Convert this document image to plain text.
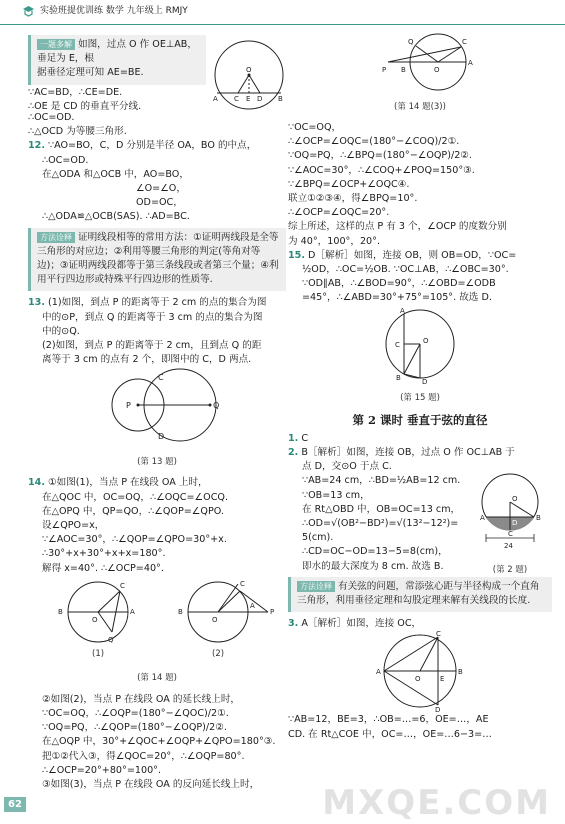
实验班提优训练 数学 九年级上 RMJY
O
A C E D B

一题多解 如图，过点 O 作 OE⊥AB，垂足为 E，根

据垂径定理可知 AE=BE.

∵AC=BD，∴CE=DE.

∴OE 是 CD 的垂直平分线.

∴OC=OD.

∴△OCD 为等腰三角形.

12. ∵AO=BO，C，D 分别是半径 OA，BO 的中点，

∴OC=OD.

在△ODA 和△OCB 中，AO=BO，

∠O=∠O，

OD=OC，

∴△ODA≌△OCB(SAS). ∴AD=BC.

方法诠释 证明线段相等的常用方法：①证明两线段是全等三角形的对应边；②利用等腰三角形的判定(等角对等边)；③证明两线段都等于第三条线段或者第三个量；④利用平行四边形或特殊平行四边形的性质等.

13. (1)如图，到点 P 的距离等于 2 cm 的点的集合为图

中的⊙P，到点 Q 的距离等于 3 cm 的点的集合为图

中的⊙Q.

(2)如图，到点 P 的距离等于 2 cm，且到点 Q 的距

离等于 3 cm 的点有 2 个，即图中的 C，D 两点.

P	Q
C
D

(第 13 题)

14. ①如图(1)，当点 P 在线段 OA 上时，

在△QOC 中，OC=OQ，∴∠OQC=∠OCQ.

在△OPQ 中，QP=QO，∴∠QOP=∠QPO.

设∠QPO=x，

∵∠AOC=30°，∴∠QOP=∠QPO=30°+x.

∴30°+x+30°+x+x=180°.

解得 x=40°. ∴∠OCP=40°.

O
C
A
Q
B
O
C
A
P
B
(1)	(2)

(第 14 题)

②如图(2)，当点 P 在线段 OA 的延长线上时，

∵OC=OQ，∴∠OQP=(180°−∠QOC)/2①.

∵OQ=PQ，∴∠QOP=(180°−∠OQP)/2②.

在△OQP 中，30°+∠QOC+∠OQP+∠QPO=180°③.

把①②代入③，得∠QOC=20°，∴∠OQP=80°.

∴∠OCP=20°+80°=100°.

③如图(3)，当点 P 在线段 OA 的反向延长线上时，

O
C
Q
A
B
P

(第 14 题(3))

∵OC=OQ，

∴∠OCP=∠OQC=(180°−∠COQ)/2①.

∵OQ=PQ，∴∠BPQ=(180°−∠OQP)/2②.

∵∠AOC=30°，∴∠COQ+∠POQ=150°③.

∵∠BPQ=∠OCP+∠OQC④.

联立①②③④，得∠BPQ=10°.

∴∠OCP=∠OQC=20°.

综上所述，这样的点 P 有 3 个，∠OCP 的度数分别

为 40°，100°，20°.

15. D［解析］如图，连接 OB，则 OB=OD，∵OC=

½OD，∴OC=½OB. ∵OC⊥AB，∴∠OBC=30°.

∵OD∥AB，∴∠BOD=90°，∴∠OBD=∠ODB

=45°，∴∠ABD=30°+75°=105°. 故选 D.

A
C	O
B	D

(第 15 题)

第 2 课时 垂直于弦的直径

1. C

2. B［解析］如图，连接 OB，过点 O 作 OC⊥AB 于

A	B
O
D
C
24

(第 2 题)

点 D，交⊙O 于点 C.

∵AB=24 cm，∴BD=½AB=12 cm.

∵OB=13 cm，

在 Rt△OBD 中，OB=OC=13 cm，

∴OD=√(OB²−BD²)=√(13²−12²)=

5(cm).

∴CD=OC−OD=13−5=8(cm)，

即水的最大深度为 8 cm. 故选 B.

方法诠释 有关弦的问题，常添弦心距与半径构成一个直角三角形，利用垂径定理和勾股定理来解有关线段的长度.

3. A［解析］如图，连接 OC，

A	B
C
D
O	E

∵AB=12，BE=3，∴OB=…=6，OE=…，AE

CD. 在 Rt△COE 中，OC=…，OE=…6−3=…

62	MXQE.COM
